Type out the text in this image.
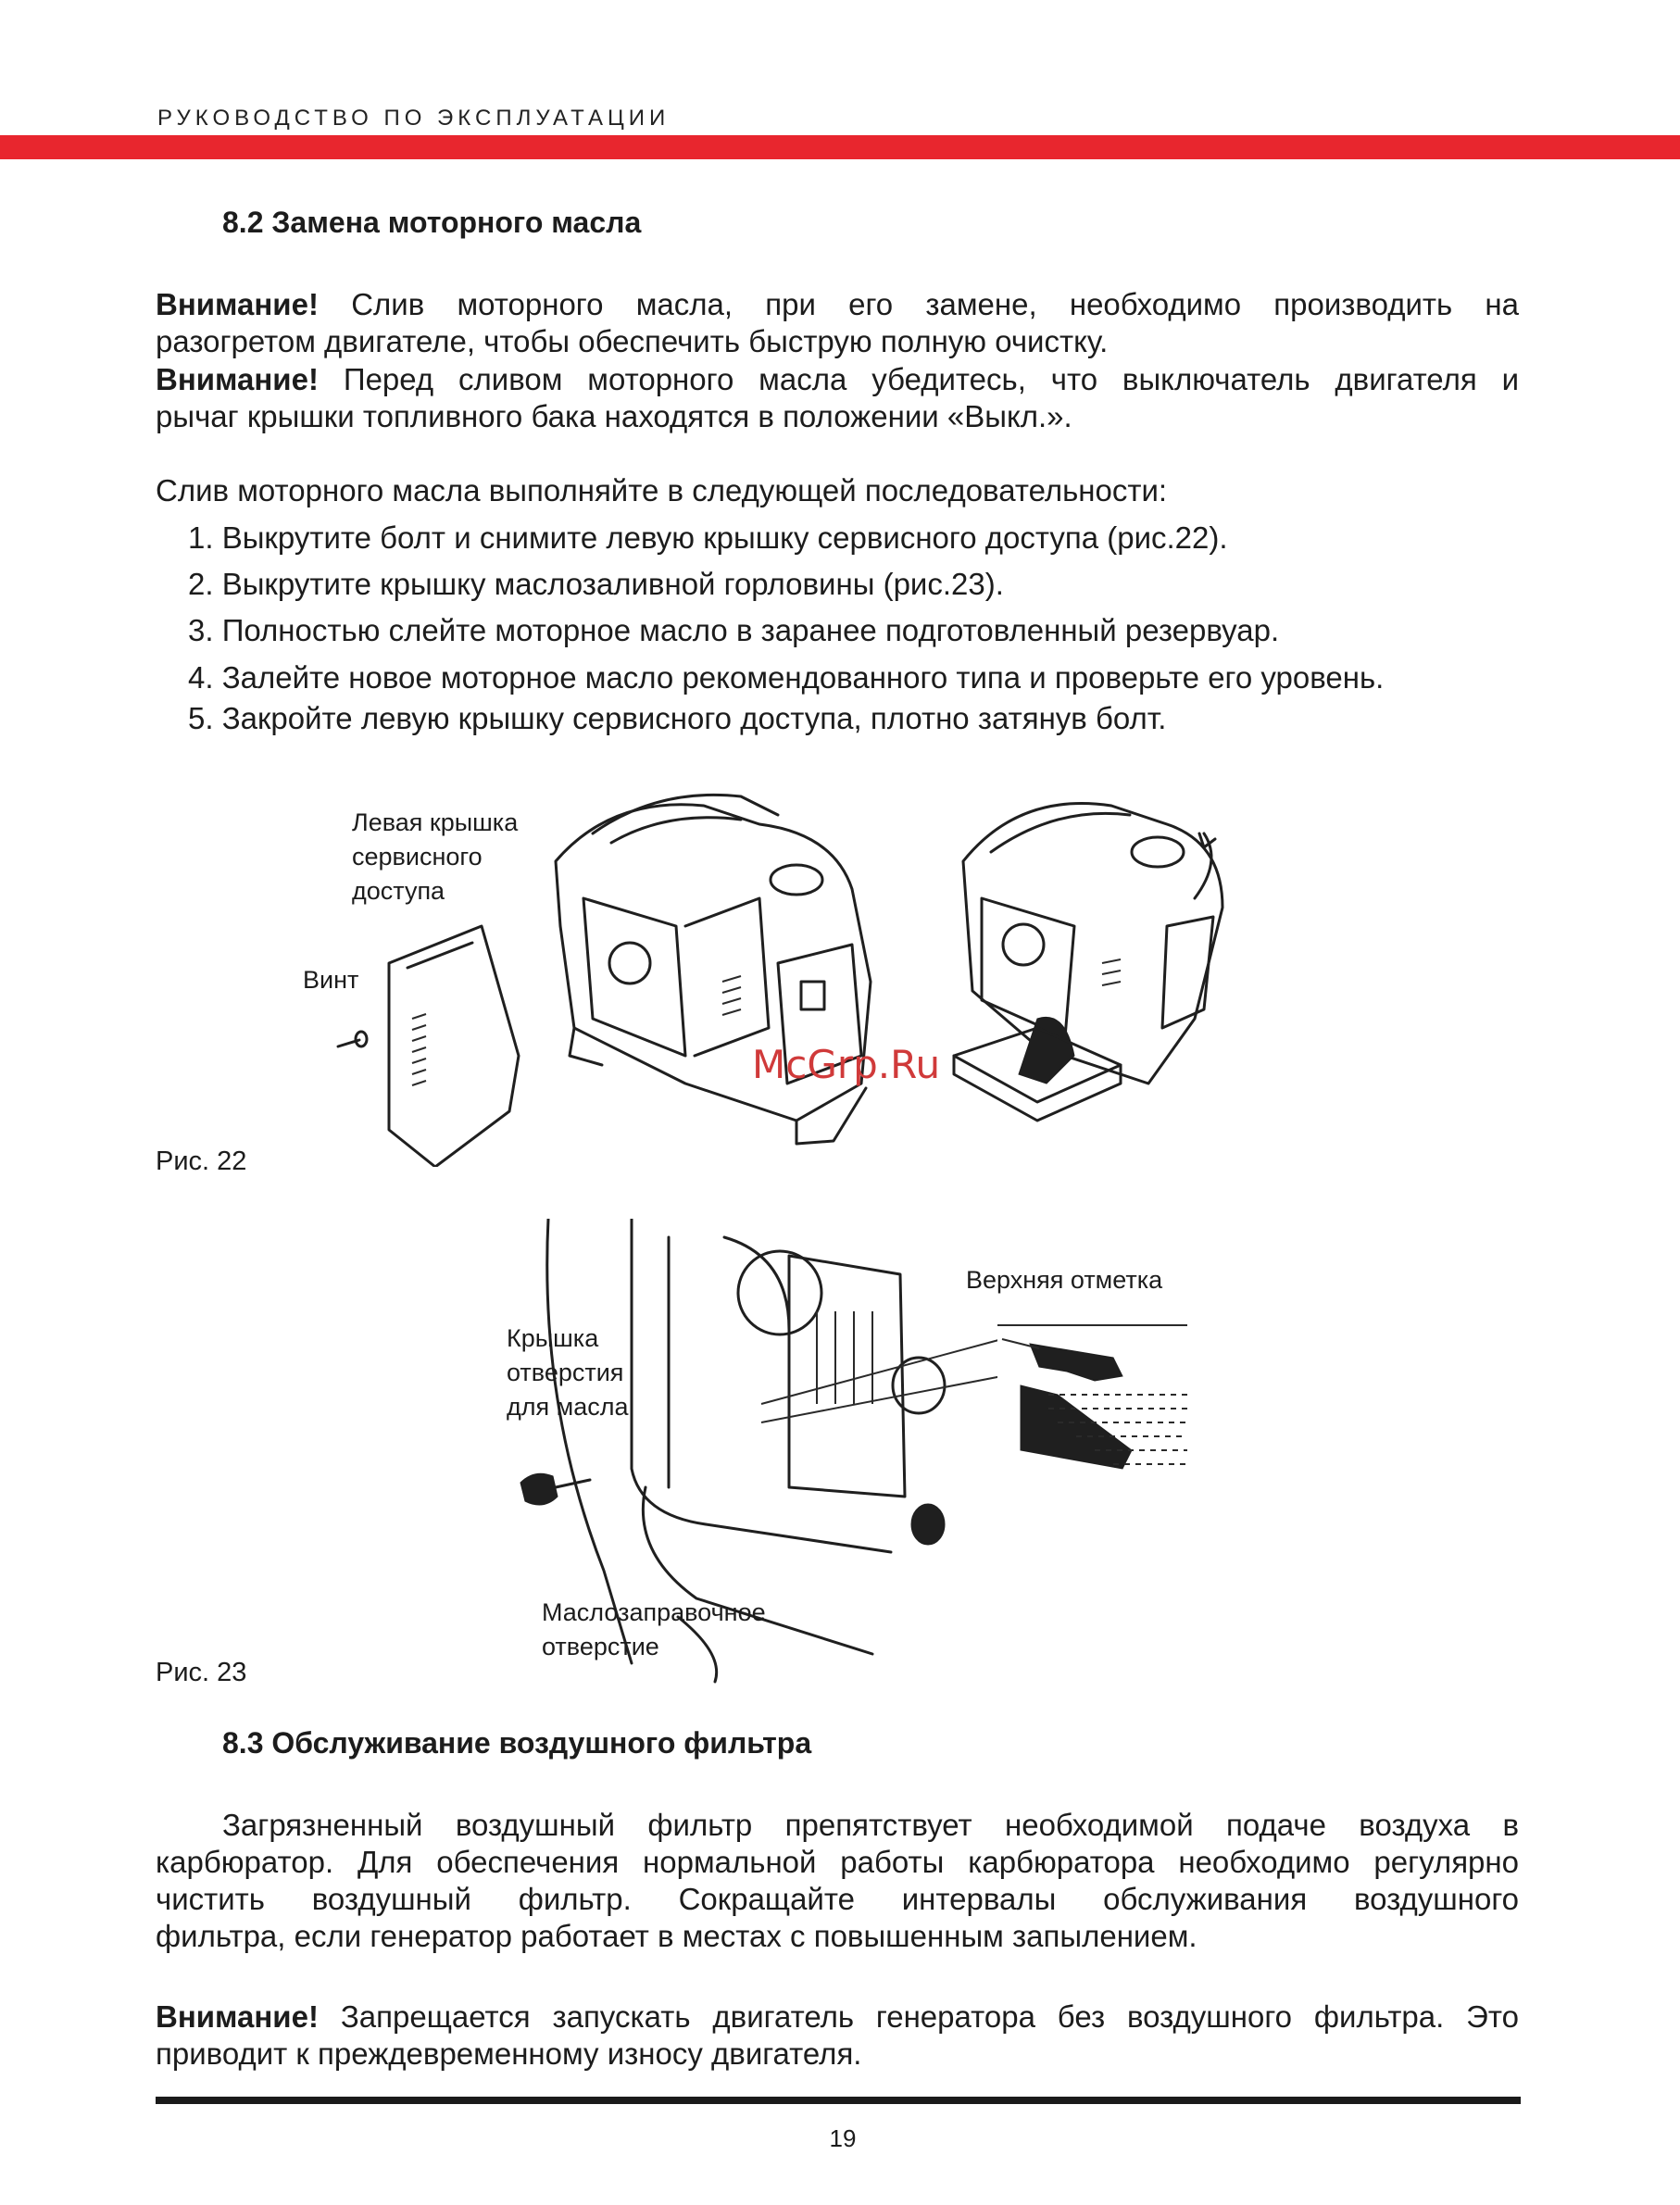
РУКОВОДСТВО ПО ЭКСПЛУАТАЦИИ
8.2 Замена моторного масла
Внимание! Слив моторного масла, при его замене, необходимо производить на
разогретом двигателе, чтобы обеспечить быструю полную очистку.
Внимание! Перед сливом моторного масла убедитесь, что выключатель двигателя и
рычаг крышки топливного бака находятся в положении «Выкл.».
Слив моторного масла выполняйте в следующей последовательности:
1. Выкрутите болт и снимите левую крышку сервисного доступа (рис.22).
2. Выкрутите крышку маслозаливной горловины (рис.23).
3. Полностью слейте моторное масло в заранее подготовленный резервуар.
4. Залейте новое моторное масло рекомендованного типа и проверьте его уровень.
5. Закройте левую крышку сервисного доступа, плотно затянув болт.
Левая крышка
сервисного
доступа
Винт
McGrp.Ru
Рис. 22
Верхняя отметка
Крышка
отверстия
для масла
Маслозаправочное
отверстие
Рис. 23
8.3 Обслуживание воздушного фильтра
Загрязненный воздушный фильтр препятствует необходимой подаче воздуха в
карбюратор. Для обеспечения нормальной работы карбюратора необходимо регулярно
чистить воздушный фильтр. Сокращайте интервалы обслуживания воздушного
фильтра, если генератор работает в местах с повышенным запылением.
Внимание! Запрещается запускать двигатель генератора без воздушного фильтра. Это
приводит к преждевременному износу двигателя.
19
